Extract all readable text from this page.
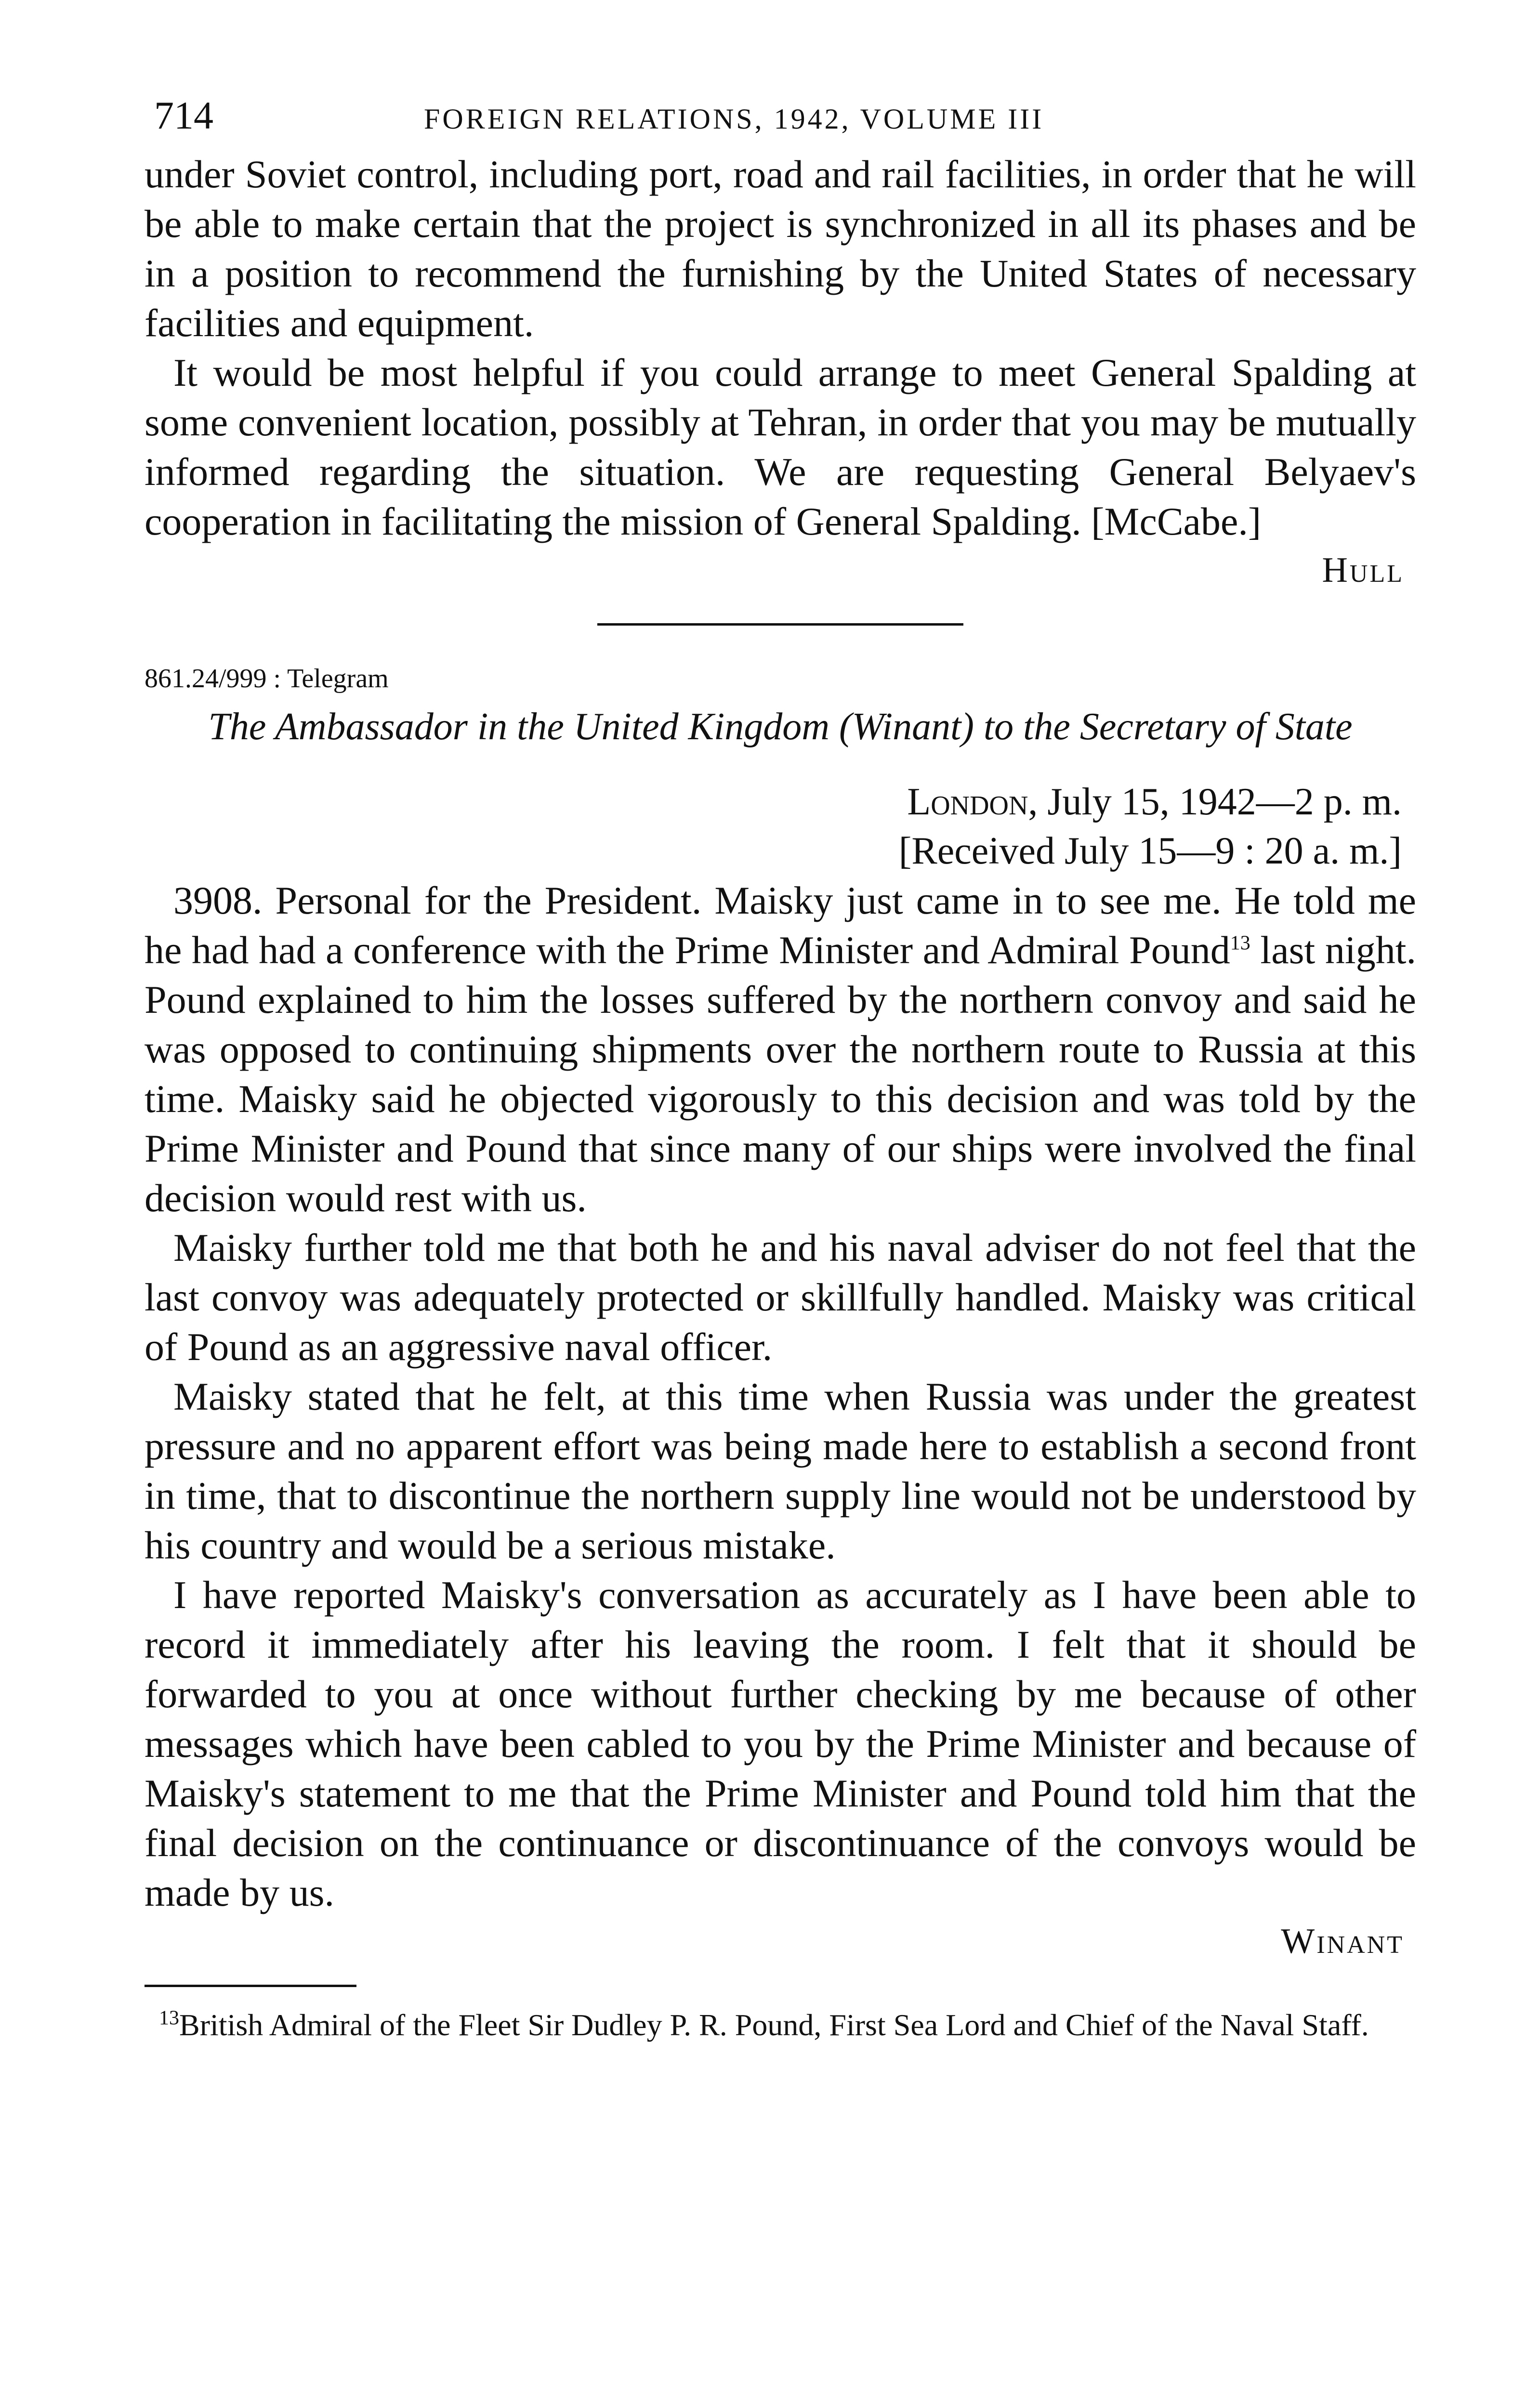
714	FOREIGN RELATIONS, 1942, VOLUME III

under Soviet control, including port, road and rail facilities, in order that he will be able to make certain that the project is synchronized in all its phases and be in a position to recommend the furnishing by the United States of necessary facilities and equipment.

It would be most helpful if you could arrange to meet General Spalding at some convenient location, possibly at Tehran, in order that you may be mutually informed regarding the situation. We are requesting General Belyaev's cooperation in facilitating the mission of General Spalding. [McCabe.]

Hull

861.24/999 : Telegram

The Ambassador in the United Kingdom (Winant) to the Secretary of State

London, July 15, 1942—2 p. m.

[Received July 15—9 : 20 a. m.]

3908. Personal for the President. Maisky just came in to see me. He told me he had had a conference with the Prime Minister and Admiral Pound$^{13}$ last night. Pound explained to him the losses suffered by the northern convoy and said he was opposed to continuing shipments over the northern route to Russia at this time. Maisky said he objected vigorously to this decision and was told by the Prime Minister and Pound that since many of our ships were involved the final decision would rest with us.

Maisky further told me that both he and his naval adviser do not feel that the last convoy was adequately protected or skillfully handled. Maisky was critical of Pound as an aggressive naval officer.

Maisky stated that he felt, at this time when Russia was under the greatest pressure and no apparent effort was being made here to establish a second front in time, that to discontinue the northern supply line would not be understood by his country and would be a serious mistake.

I have reported Maisky's conversation as accurately as I have been able to record it immediately after his leaving the room. I felt that it should be forwarded to you at once without further checking by me because of other messages which have been cabled to you by the Prime Minister and because of Maisky's statement to me that the Prime Minister and Pound told him that the final decision on the continuance or discontinuance of the convoys would be made by us.

Winant

$^{13}$British Admiral of the Fleet Sir Dudley P. R. Pound, First Sea Lord and Chief of the Naval Staff.
